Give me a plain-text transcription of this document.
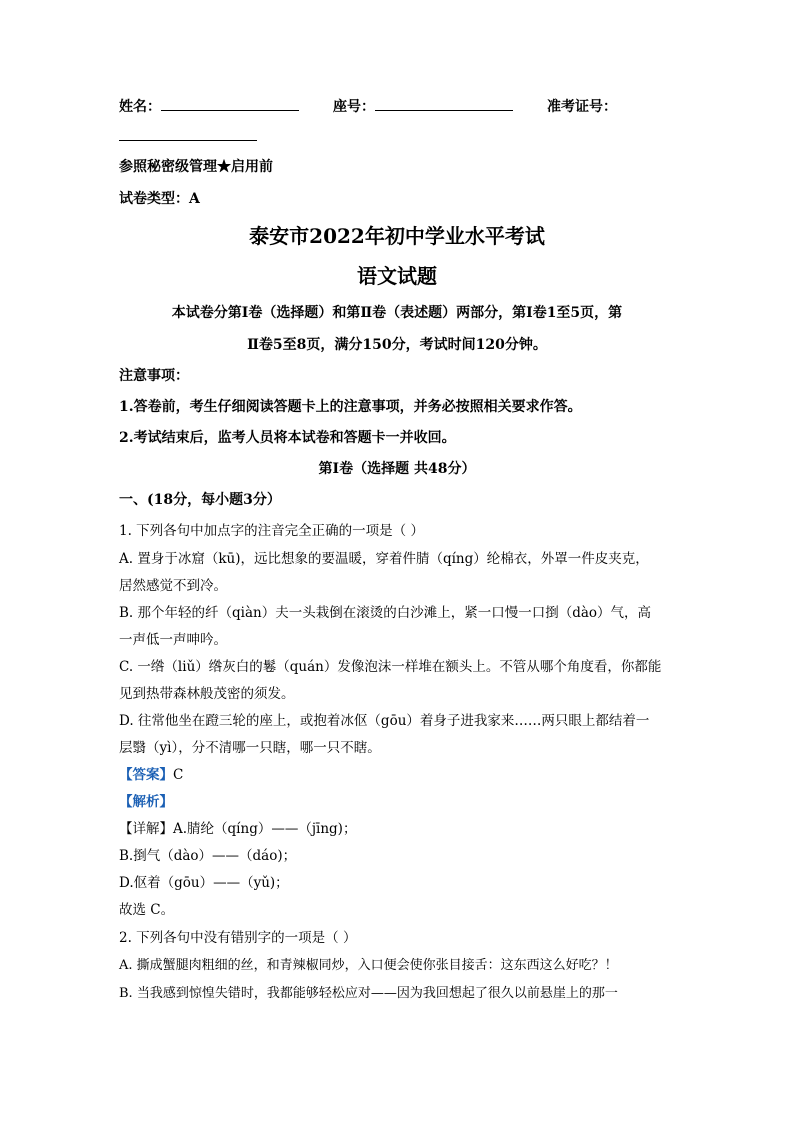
姓名：	座号：	准考证号：
参照秘密级管理★启用前
试卷类型：A
泰安市2022年初中学业水平考试
语文试题
本试卷分第Ⅰ卷（选择题）和第Ⅱ卷（表述题）两部分，第Ⅰ卷1至5页，第
Ⅱ卷5至8页，满分150分，考试时间120分钟。
注意事项：
1.答卷前，考生仔细阅读答题卡上的注意事项，并务必按照相关要求作答。
2.考试结束后，监考人员将本试卷和答题卡一并收回。
第Ⅰ卷（选择题 共48分）
一、(18分，每小题3分）
1. 下列各句中加点字的注音完全正确的一项是（ ）
A. 置身于冰窟（kū)，远比想象的要温暖，穿着件腈（qíng）纶棉衣，外罩一件皮夹克，
居然感觉不到冷。
B. 那个年轻的纤（qiàn）夫一头栽倒在滚烫的白沙滩上，紧一口慢一口捯（dào）气，高
一声低一声呻吟。
C. 一绺（liǔ）绺灰白的鬈（quán）发像泡沫一样堆在额头上。不管从哪个角度看，你都能
见到热带森林般茂密的须发。
D. 往常他坐在蹬三轮的座上，或抱着冰伛（gōu）着身子进我家来……两只眼上都结着一
层翳（yì），分不清哪一只瞎，哪一只不瞎。
【答案】C
【解析】
【详解】A.腈纶（qíng）——（jīng)；
B.捯气（dào）——（dáo)；
D.伛着（gōu）——（yǔ)；
故选 C。
2. 下列各句中没有错别字的一项是（ ）
A. 撕成蟹腿肉粗细的丝，和青辣椒同炒，入口便会使你张目接舌：这东西这么好吃？！
B. 当我感到惊惶失错时，我都能够轻松应对——因为我回想起了很久以前悬崖上的那一
